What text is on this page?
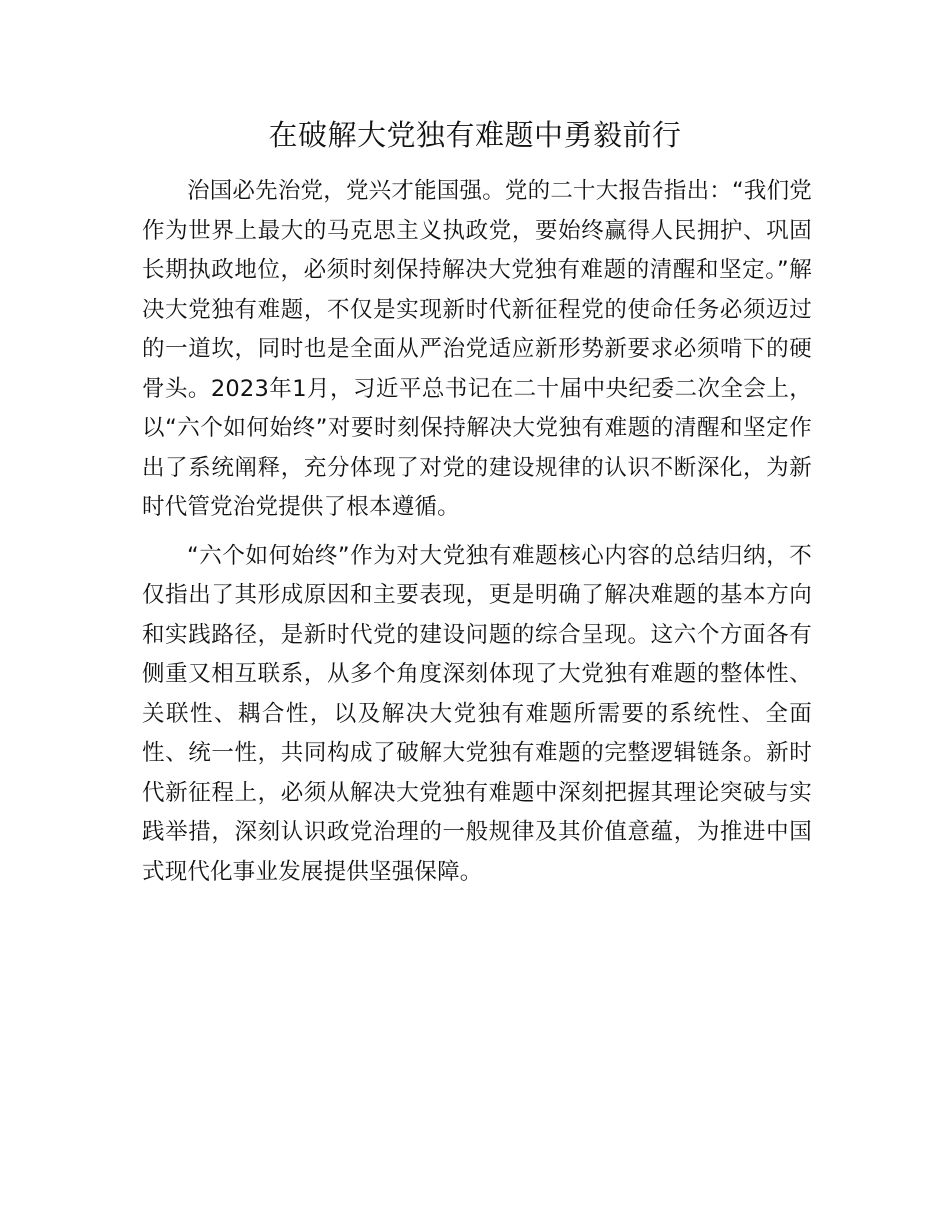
在破解大党独有难题中勇毅前行

治国必先治党，党兴才能国强。党的二十大报告指出：“我们党作为世界上最大的马克思主义执政党，要始终赢得人民拥护、巩固长期执政地位，必须时刻保持解决大党独有难题的清醒和坚定。”解决大党独有难题，不仅是实现新时代新征程党的使命任务必须迈过的一道坎，同时也是全面从严治党适应新形势新要求必须啃下的硬骨头。2023年1月，习近平总书记在二十届中央纪委二次全会上，以“六个如何始终”对要时刻保持解决大党独有难题的清醒和坚定作出了系统阐释，充分体现了对党的建设规律的认识不断深化，为新时代管党治党提供了根本遵循。

“六个如何始终”作为对大党独有难题核心内容的总结归纳，不仅指出了其形成原因和主要表现，更是明确了解决难题的基本方向和实践路径，是新时代党的建设问题的综合呈现。这六个方面各有侧重又相互联系，从多个角度深刻体现了大党独有难题的整体性、关联性、耦合性，以及解决大党独有难题所需要的系统性、全面性、统一性，共同构成了破解大党独有难题的完整逻辑链条。新时代新征程上，必须从解决大党独有难题中深刻把握其理论突破与实践举措，深刻认识政党治理的一般规律及其价值意蕴，为推进中国式现代化事业发展提供坚强保障。
